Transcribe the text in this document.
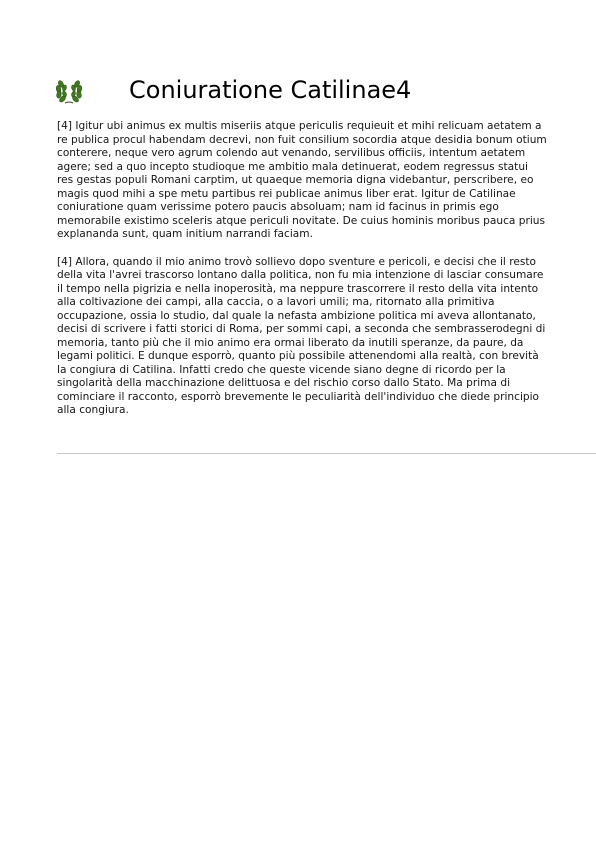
Coniuratione Catilinae4

[4] Igitur ubi animus ex multis miseriis atque periculis requieuit et mihi relicuam aetatem a re publica procul habendam decrevi, non fuit consilium socordia atque desidia bonum otium conterere, neque vero agrum colendo aut venando, servilibus officiis, intentum aetatem agere; sed a quo incepto studioque me ambitio mala detinuerat, eodem regressus statui res gestas populi Romani carptim, ut quaeque memoria digna videbantur, perscribere, eo magis quod mihi a spe metu partibus rei publicae animus liber erat. Igitur de Catilinae coniuratione quam verissime potero paucis absoluam; nam id facinus in primis ego memorabile existimo sceleris atque periculi novitate. De cuius hominis moribus pauca prius explananda sunt, quam initium narrandi faciam.

[4] Allora, quando il mio animo trovò sollievo dopo sventure e pericoli, e decisi che il resto della vita l'avrei trascorso lontano dalla politica, non fu mia intenzione di lasciar consumare il tempo nella pigrizia e nella inoperosità, ma neppure trascorrere il resto della vita intento alla coltivazione dei campi, alla caccia, o a lavori umili; ma, ritornato alla primitiva occupazione, ossia lo studio, dal quale la nefasta ambizione politica mi aveva allontanato, decisi di scrivere i fatti storici di Roma, per sommi capi, a seconda che sembrasserodegni di memoria, tanto più che il mio animo era ormai liberato da inutili speranze, da paure, da legami politici. E dunque esporrò, quanto più possibile attenendomi alla realtà, con brevità la congiura di Catilina. Infatti credo che queste vicende siano degne di ricordo per la singolarità della macchinazione delittuosa e del rischio corso dallo Stato. Ma prima di cominciare il racconto, esporrò brevemente le peculiarità dell'individuo che diede principio alla congiura.
